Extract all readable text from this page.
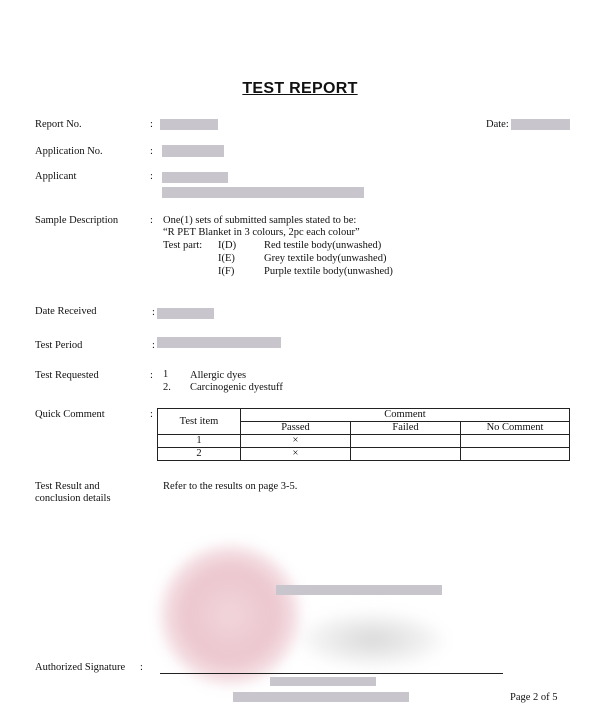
TEST REPORT
Report No.	:	Date:
Application No.	:
Applicant	:
Sample Description	: One(1) sets of submitted samples stated to be:
“R PET Blanket in 3 colours, 2pc each colour”
Test part: I(D)	Red testile body(unwashed)
I(E)	Grey textile body(unwashed)
I(F)	Purple textile body(unwashed)
Date Received	:
Test Period	:
Test Requested	: 1 Allergic dyes
2. Carcinogenic dyestuff
Quick Comment	:
Test item	Comment		
	Passed	Failed	No Comment
1	×		
2	×		
Test Result and
conclusion details
Refer to the results on page 3-5.
Authorized Signature :
Page 2 of 5
